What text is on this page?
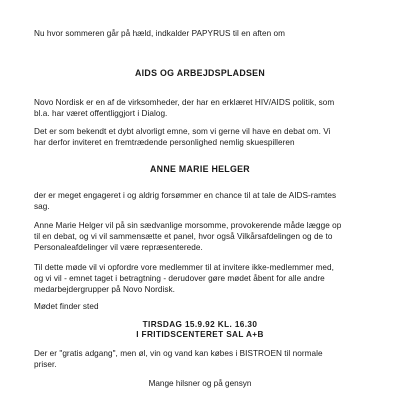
Nu hvor sommeren går på hæld, indkalder PAPYRUS til en aften om

AIDS OG ARBEJDSPLADSEN

Novo Nordisk er en af de virksomheder, der har en erklæret HIV/AIDS politik, som
bl.a. har været offentliggjort i Dialog.

Det er som bekendt et dybt alvorligt emne, som vi gerne vil have en debat om. Vi
har derfor inviteret en fremtrædende personlighed nemlig skuespilleren

ANNE MARIE HELGER

der er meget engageret i og aldrig forsømmer en chance til at tale de AIDS-ramtes
sag.

Anne Marie Helger vil på sin sædvanlige morsomme, provokerende måde lægge op
til en debat, og vi vil sammensætte et panel, hvor også Vilkårsafdelingen og de to
Personaleafdelinger vil være repræsenterede.

Til dette møde vil vi opfordre vore medlemmer til at invitere ikke-medlemmer med,
og vi vil - emnet taget i betragtning - derudover gøre mødet åbent for alle andre
medarbejdergrupper på Novo Nordisk.

Mødet finder sted

TIRSDAG 15.9.92 KL. 16.30

I FRITIDSCENTERET SAL A+B

Der er "gratis adgang", men øl, vin og vand kan købes i BISTROEN til normale
priser.

Mange hilsner og på gensyn
